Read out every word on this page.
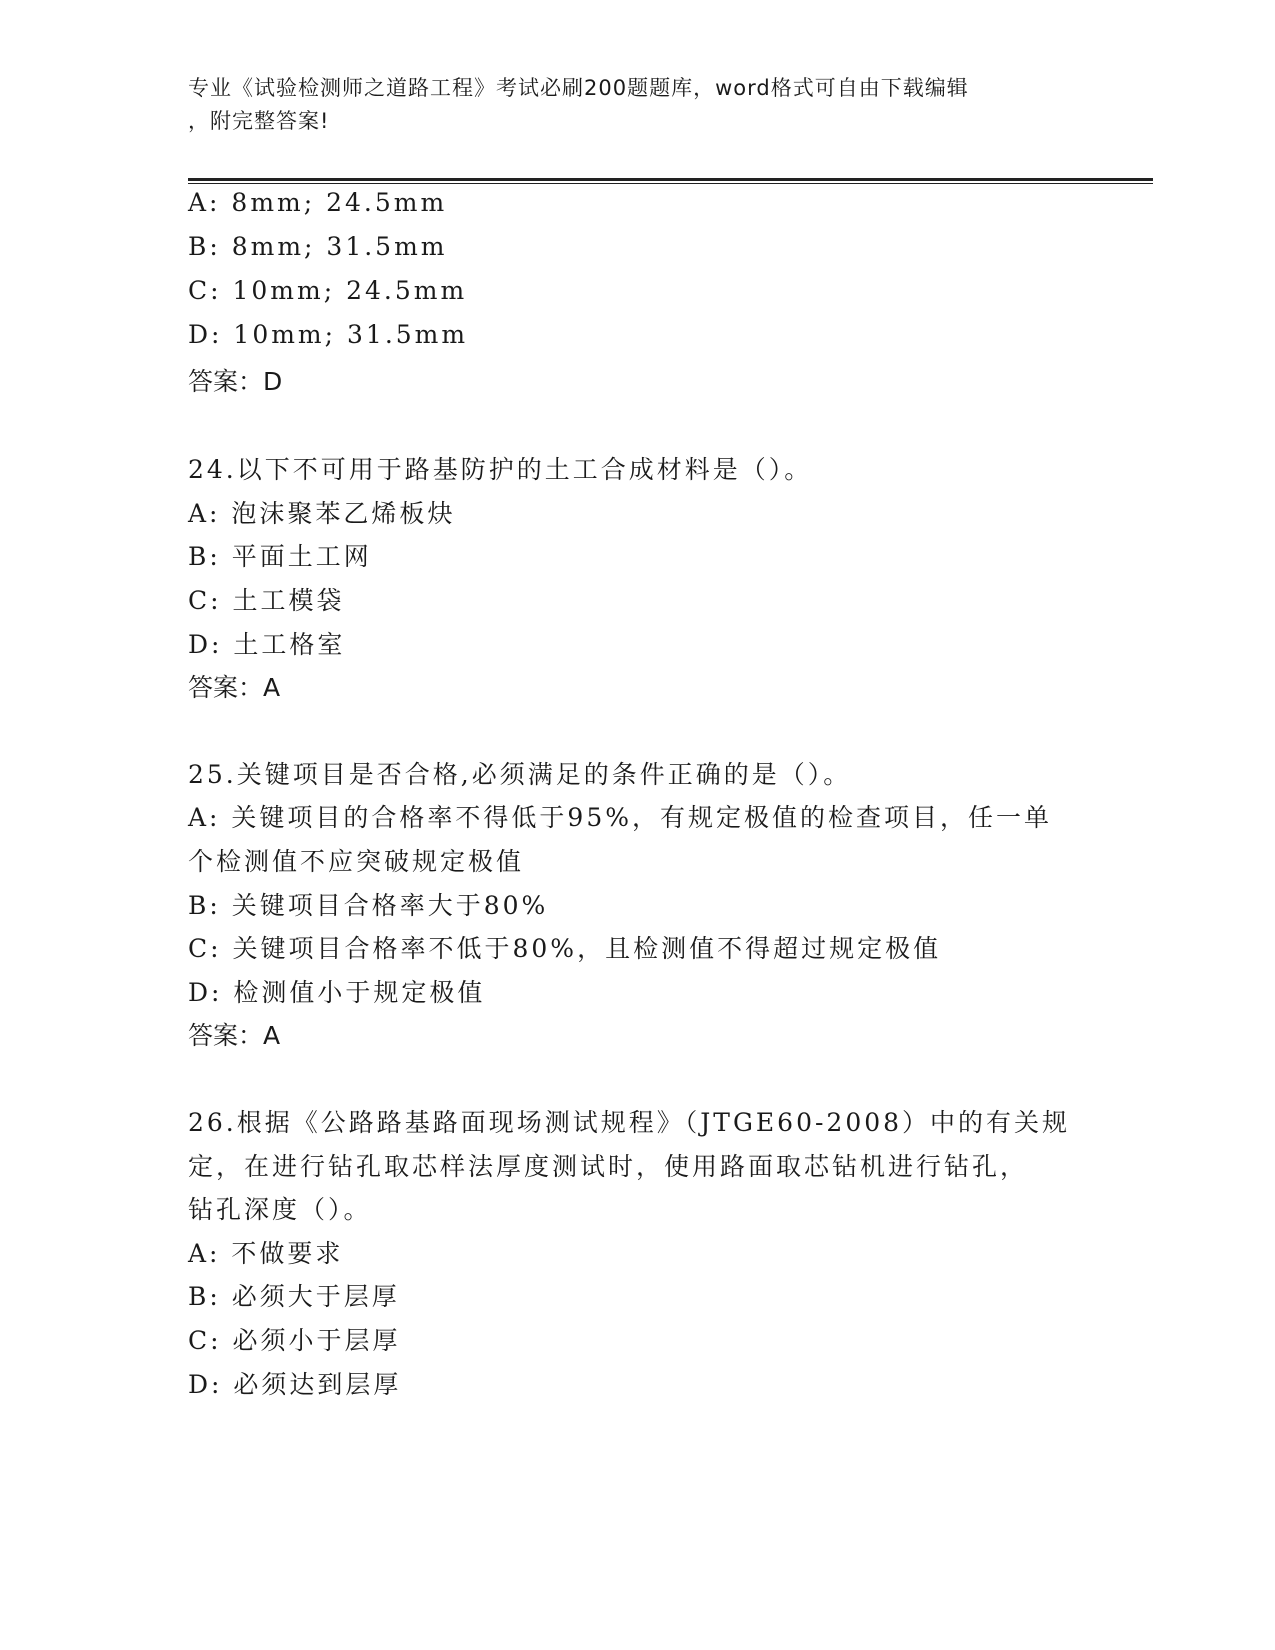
专业《试验检测师之道路工程》考试必刷200题题库，word格式可自由下载编辑
，附完整答案!
A: 8mm; 24.5mm
B: 8mm; 31.5mm
C: 10mm; 24.5mm
D: 10mm; 31.5mm
答案：D
24.以下不可用于路基防护的土工合成材料是（）。
A: 泡沫聚苯乙烯板炔
B: 平面土工网
C: 土工模袋
D: 土工格室
答案：A
25.关键项目是否合格,必须满足的条件正确的是（）。
A: 关键项目的合格率不得低于95%，有规定极值的检查项目，任一单
个检测值不应突破规定极值
B: 关键项目合格率大于80%
C: 关键项目合格率不低于80%，且检测值不得超过规定极值
D: 检测值小于规定极值
答案：A
26.根据《公路路基路面现场测试规程》（JTGE60-2008）中的有关规
定，在进行钻孔取芯样法厚度测试时，使用路面取芯钻机进行钻孔，
钻孔深度（）。
A: 不做要求
B: 必须大于层厚
C: 必须小于层厚
D: 必须达到层厚
